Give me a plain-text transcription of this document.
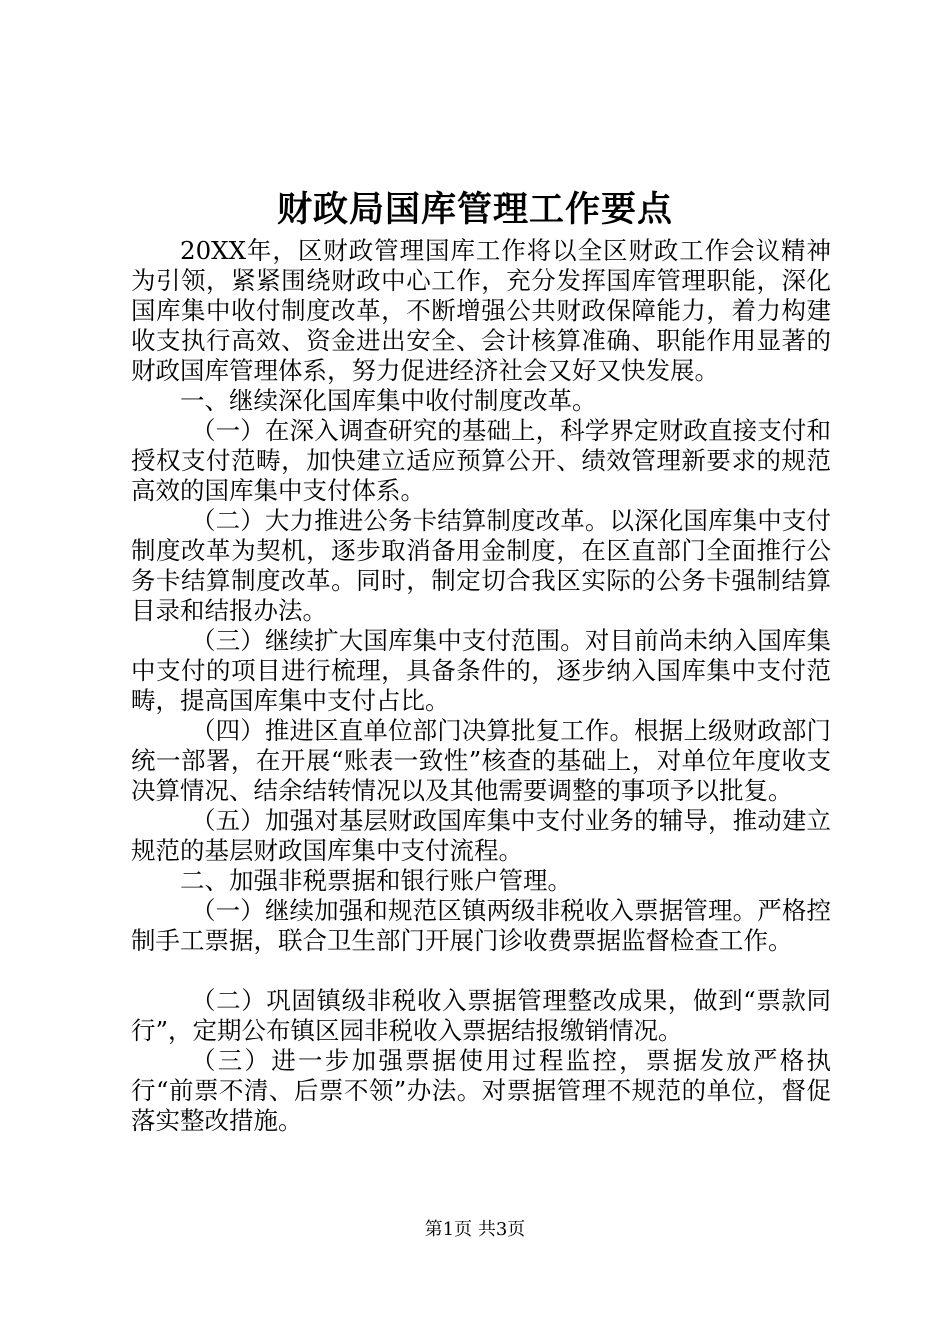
财政局国库管理工作要点

20XX年，区财政管理国库工作将以全区财政工作会议精神为引领，紧紧围绕财政中心工作，充分发挥国库管理职能，深化国库集中收付制度改革，不断增强公共财政保障能力，着力构建收支执行高效、资金进出安全、会计核算准确、职能作用显著的财政国库管理体系，努力促进经济社会又好又快发展。

一、继续深化国库集中收付制度改革。

（一）在深入调查研究的基础上，科学界定财政直接支付和授权支付范畴，加快建立适应预算公开、绩效管理新要求的规范高效的国库集中支付体系。

（二）大力推进公务卡结算制度改革。以深化国库集中支付制度改革为契机，逐步取消备用金制度，在区直部门全面推行公务卡结算制度改革。同时，制定切合我区实际的公务卡强制结算目录和结报办法。

（三）继续扩大国库集中支付范围。对目前尚未纳入国库集中支付的项目进行梳理，具备条件的，逐步纳入国库集中支付范畴，提高国库集中支付占比。

（四）推进区直单位部门决算批复工作。根据上级财政部门统一部署，在开展“账表一致性”核查的基础上，对单位年度收支决算情况、结余结转情况以及其他需要调整的事项予以批复。

（五）加强对基层财政国库集中支付业务的辅导，推动建立规范的基层财政国库集中支付流程。

二、加强非税票据和银行账户管理。

（一）继续加强和规范区镇两级非税收入票据管理。严格控制手工票据，联合卫生部门开展门诊收费票据监督检查工作。

（二）巩固镇级非税收入票据管理整改成果，做到“票款同行”，定期公布镇区园非税收入票据结报缴销情况。

（三）进一步加强票据使用过程监控，票据发放严格执行“前票不清、后票不领”办法。对票据管理不规范的单位，督促落实整改措施。

第1页 共3页
